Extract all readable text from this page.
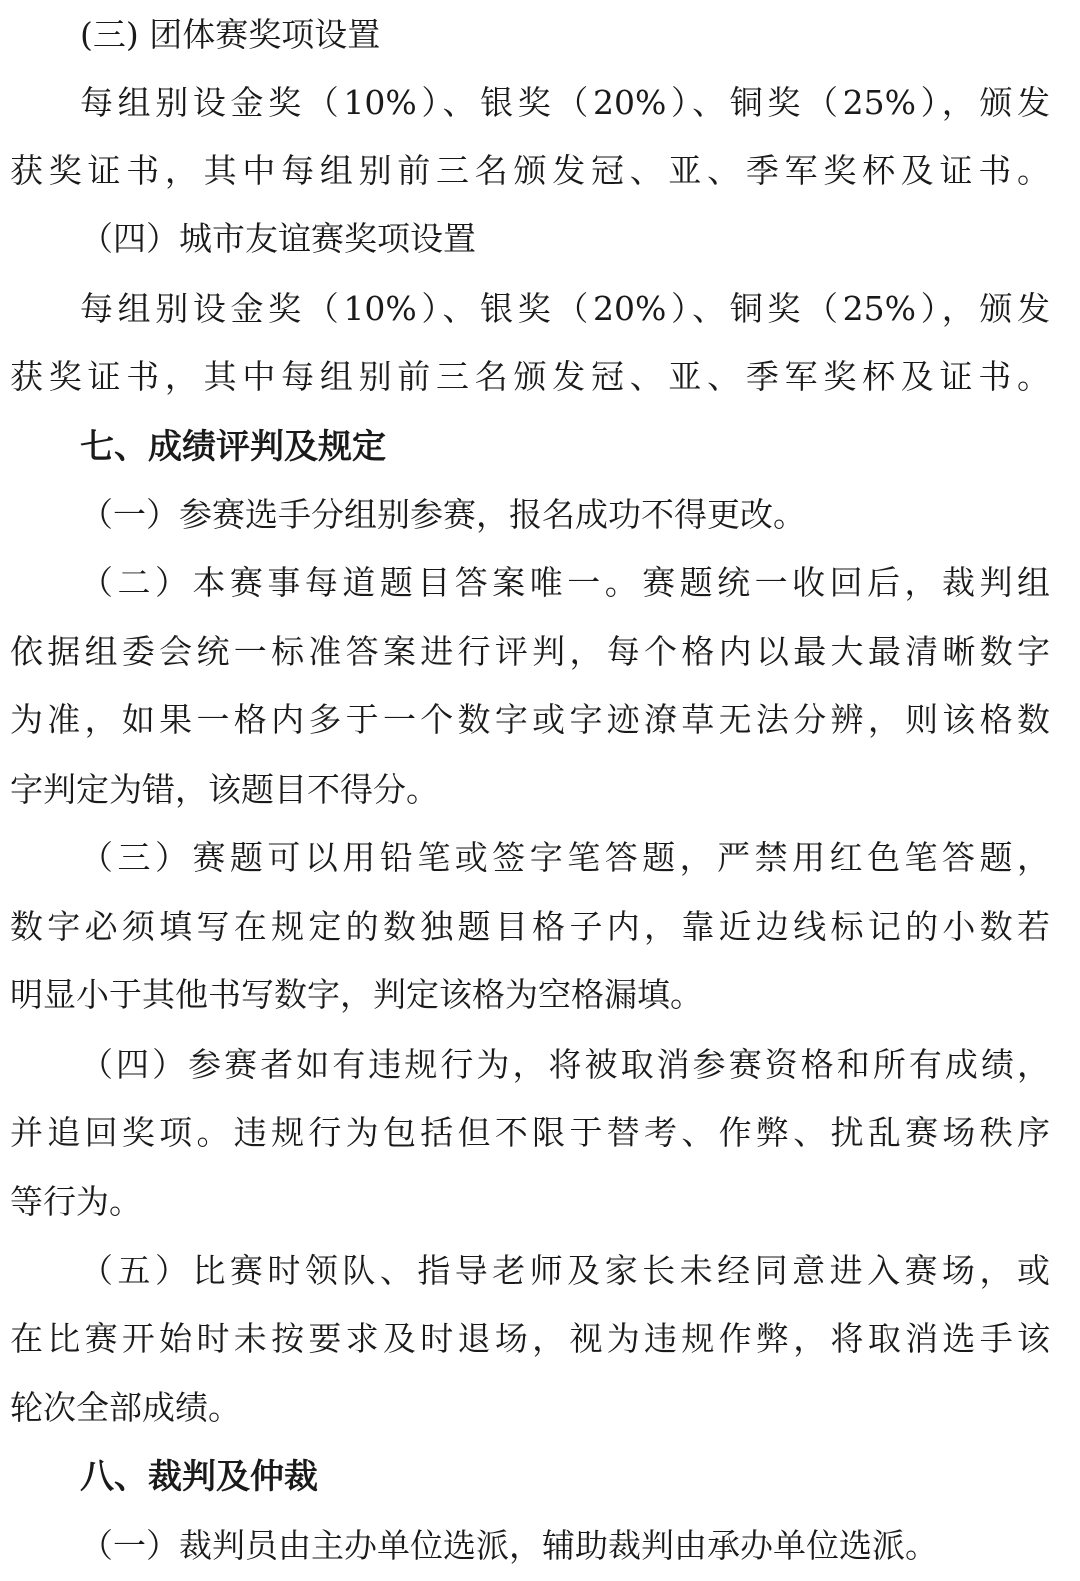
(三) 团体赛奖项设置
每组别设金奖（10%）、银奖（20%）、铜奖（25%），颁发
获奖证书，其中每组别前三名颁发冠、亚、季军奖杯及证书。
（四）城市友谊赛奖项设置
每组别设金奖（10%）、银奖（20%）、铜奖（25%），颁发
获奖证书，其中每组别前三名颁发冠、亚、季军奖杯及证书。
七、成绩评判及规定
（一）参赛选手分组别参赛，报名成功不得更改。
（二）本赛事每道题目答案唯一。赛题统一收回后，裁判组
依据组委会统一标准答案进行评判，每个格内以最大最清晰数字
为准，如果一格内多于一个数字或字迹潦草无法分辨，则该格数
字判定为错，该题目不得分。
（三）赛题可以用铅笔或签字笔答题，严禁用红色笔答题，
数字必须填写在规定的数独题目格子内，靠近边线标记的小数若
明显小于其他书写数字，判定该格为空格漏填。
（四）参赛者如有违规行为，将被取消参赛资格和所有成绩，
并追回奖项。违规行为包括但不限于替考、作弊、扰乱赛场秩序
等行为。
（五）比赛时领队、指导老师及家长未经同意进入赛场，或
在比赛开始时未按要求及时退场，视为违规作弊，将取消选手该
轮次全部成绩。
八、裁判及仲裁
（一）裁判员由主办单位选派，辅助裁判由承办单位选派。
